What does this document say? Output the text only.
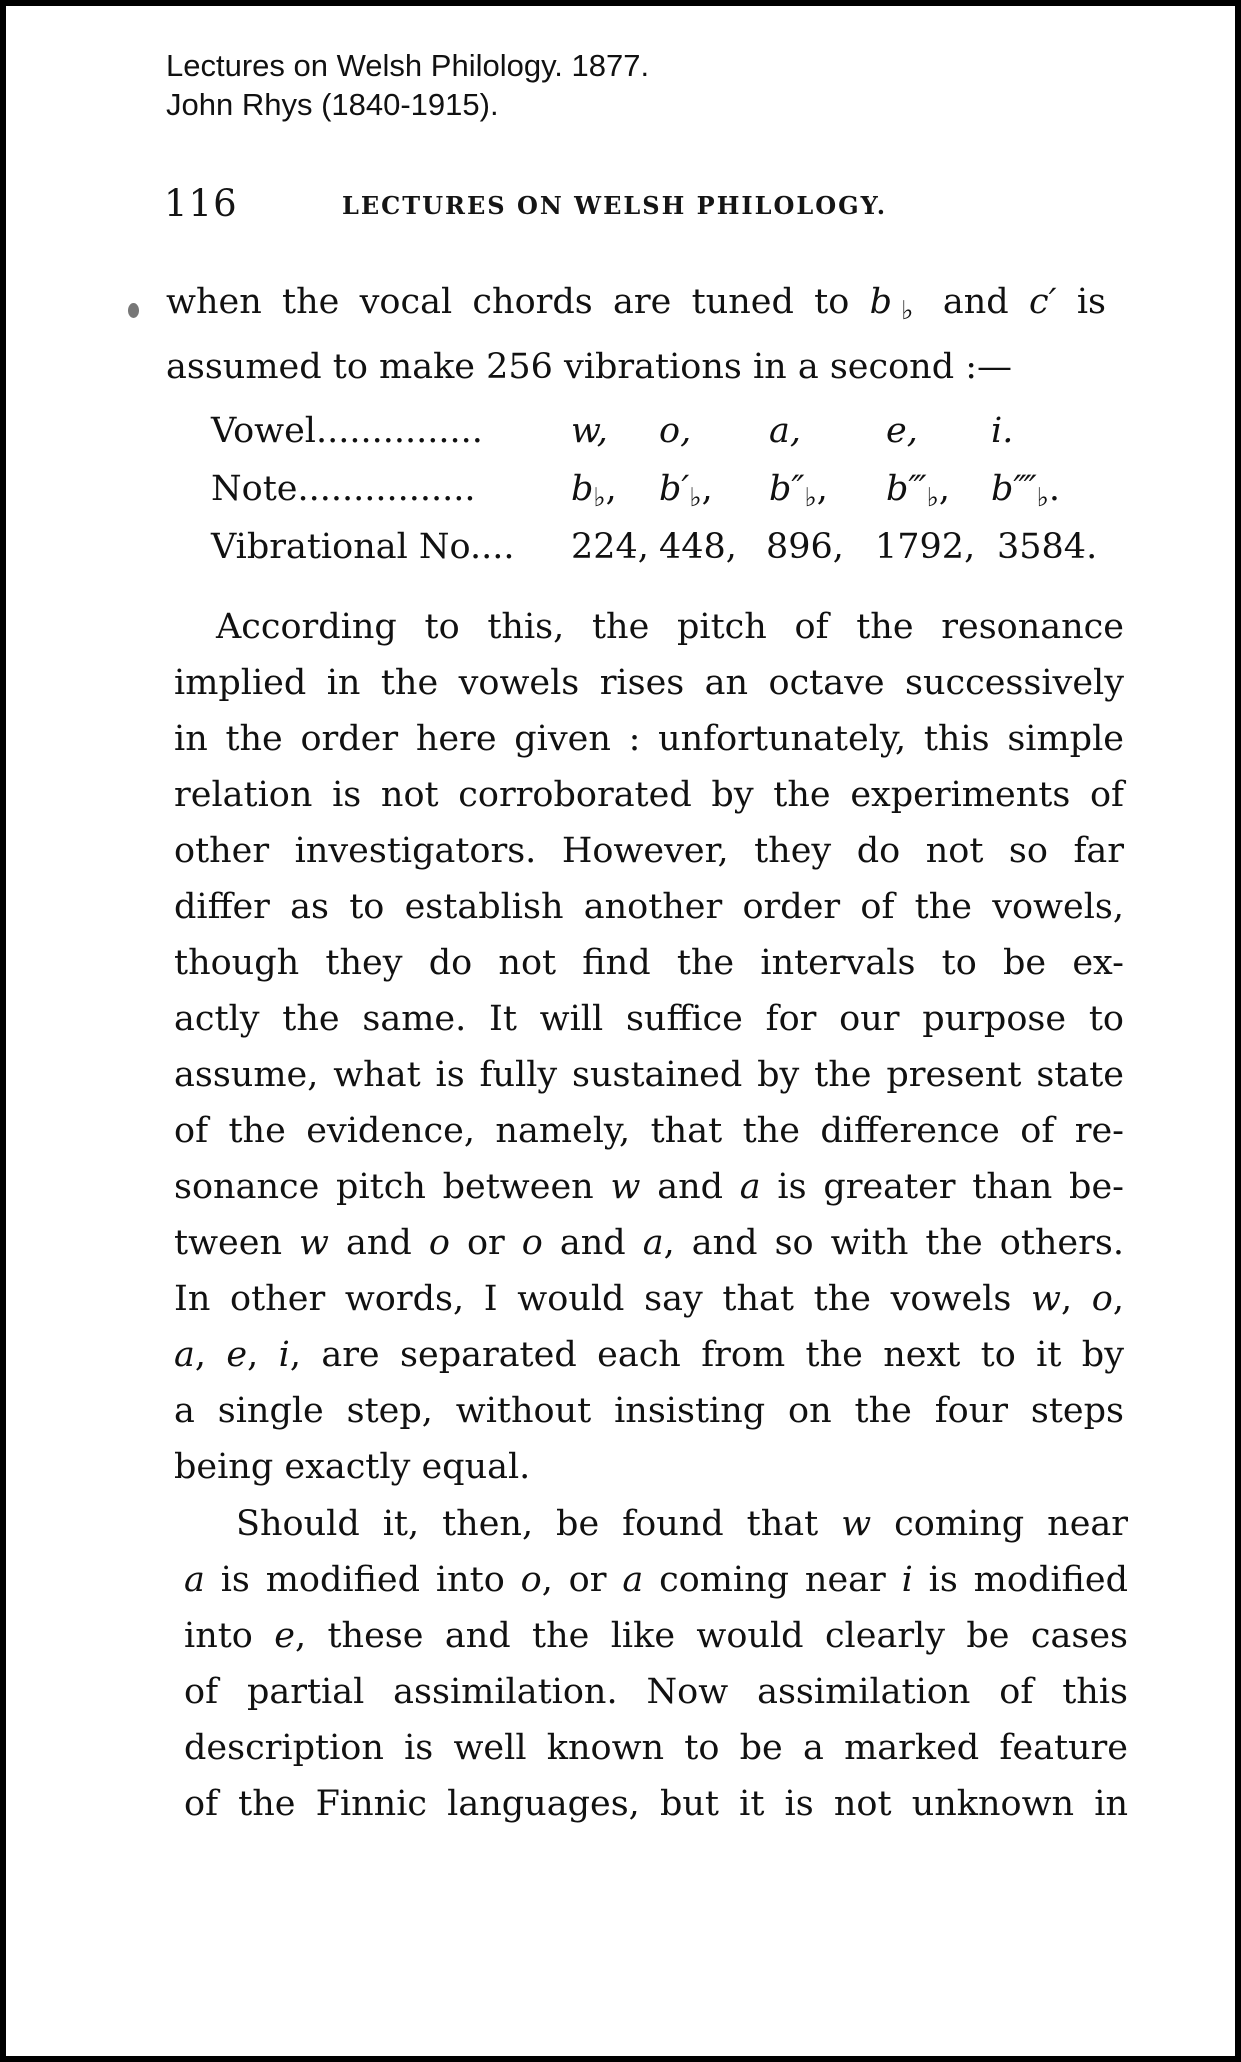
Lectures on Welsh Philology. 1877.
John Rhys (1840-1915).
116	LECTURES ON WELSH PHILOLOGY.
when the vocal chords are tuned to $b_♭$ and c′ is
assumed to make 256 vibrations in a second :—
Vowel...............	w, o, a, e, i.
Note................	$b_♭$, $b'_♭$, $b''_♭$, $b‴_♭$, $b⁗_♭$.
Vibrational No.... 224, 448, 896, 1792, 3584.
According to this, the pitch of the resonance
implied in the vowels rises an octave successively
in the order here given : unfortunately, this simple
relation is not corroborated by the experiments of
other investigators. However, they do not so far
differ as to establish another order of the vowels,
though they do not find the intervals to be ex-
actly the same. It will suffice for our purpose to
assume, what is fully sustained by the present state
of the evidence, namely, that the difference of re-
sonance pitch between w and a is greater than be-
tween w and o or o and a, and so with the others.
In other words, I would say that the vowels w, o,
a, e, i, are separated each from the next to it by
a single step, without insisting on the four steps
being exactly equal.
Should it, then, be found that w coming near
a is modified into o, or a coming near i is modified
into e, these and the like would clearly be cases
of partial assimilation. Now assimilation of this
description is well known to be a marked feature
of the Finnic languages, but it is not unknown in
